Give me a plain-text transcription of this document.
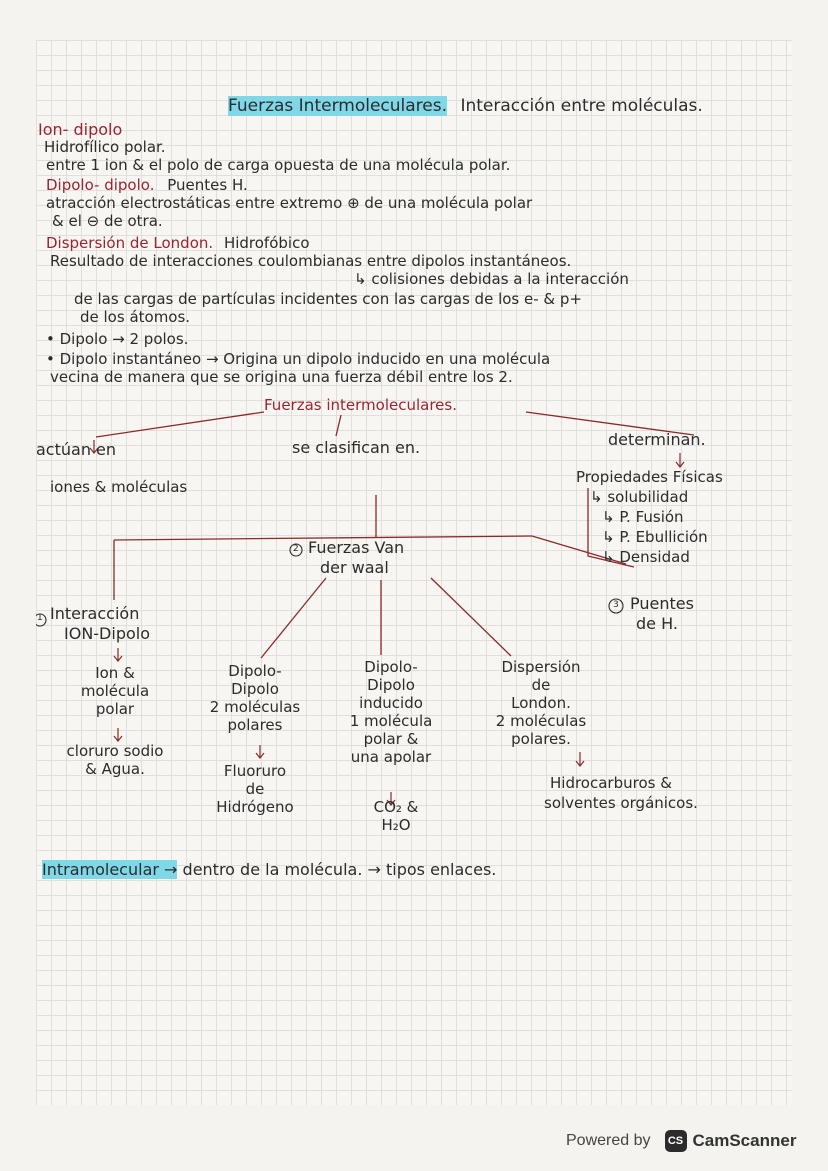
Fuerzas Intermoleculares. Interacción entre moléculas.
Ion- dipolo
Hidrofílico polar.
entre 1 ion & el polo de carga opuesta de una molécula polar.
Dipolo- dipolo. Puentes H.
atracción electrostáticas entre extremo ⊕ de una molécula polar
& el ⊖ de otra.
Dispersión de London. Hidrofóbico
Resultado de interacciones coulombianas entre dipolos instantáneos.
↳ colisiones debidas a la interacción
de las cargas de partículas incidentes con las cargas de los e- & p+
de los átomos.
• Dipolo → 2 polos.
• Dipolo instantáneo → Origina un dipolo inducido en una molécula
vecina de manera que se origina una fuerza débil entre los 2.
Fuerzas intermoleculares.
actúan en
iones & moléculas
se clasifican en.	determinan.
Propiedades Físicas
↳ solubilidad
↳ P. Fusión
↳ P. Ebullición
↳ Densidad
1 Interacción
ION-Dipolo
Ion &
molécula
polar
cloruro sodio
& Agua.
2 Fuerzas Van
der waal
3 Puentes
de H.
Dipolo-
Dipolo
2 moléculas
polares
Fluoruro
de
Hidrógeno
Dipolo-
Dipolo
inducido
1 molécula
polar &
una apolar
CO₂ &
H₂O
Dispersión
de
London.
2 moléculas
polares.
Hidrocarburos &
solventes orgánicos.
Intramolecular → dentro de la molécula. → tipos enlaces.
Powered by	CS CamScanner
